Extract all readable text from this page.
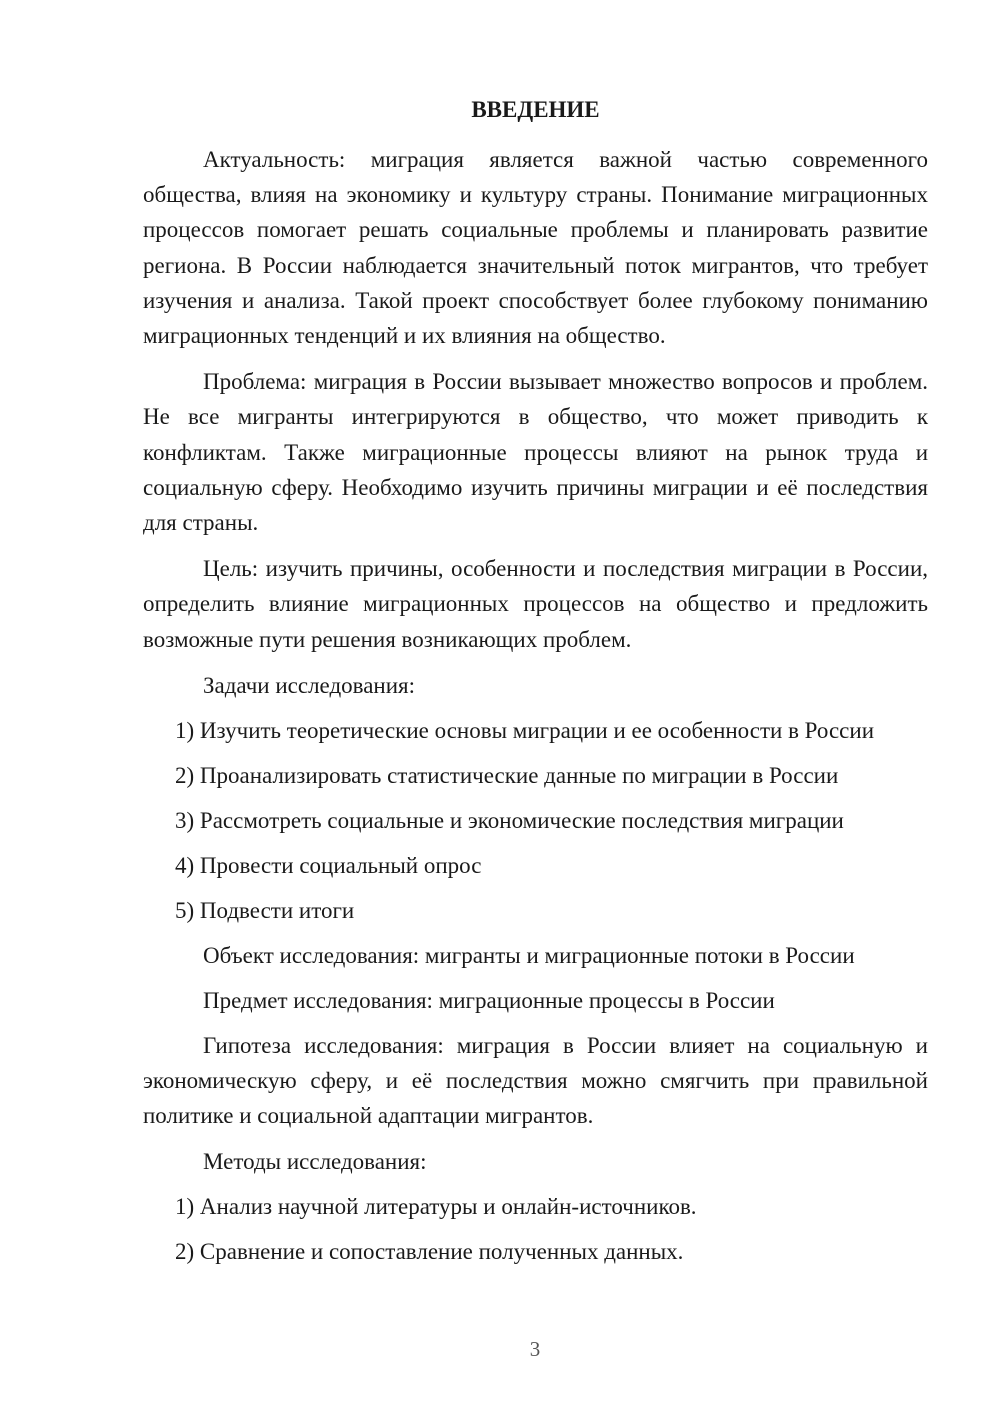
ВВЕДЕНИЕ

Актуальность: миграция является важной частью современного общества, влияя на экономику и культуру страны. Понимание миграционных процессов помогает решать социальные проблемы и планировать развитие региона. В России наблюдается значительный поток мигрантов, что требует изучения и анализа. Такой проект способствует более глубокому пониманию миграционных тенденций и их влияния на общество.

Проблема: миграция в России вызывает множество вопросов и проблем. Не все мигранты интегрируются в общество, что может приводить к конфликтам. Также миграционные процессы влияют на рынок труда и социальную сферу. Необходимо изучить причины миграции и её последствия для страны.

Цель: изучить причины, особенности и последствия миграции в России, определить влияние миграционных процессов на общество и предложить возможные пути решения возникающих проблем.

Задачи исследования:
1) Изучить теоретические основы миграции и ее особенности в России
2) Проанализировать статистические данные по миграции в России
3) Рассмотреть социальные и экономические последствия миграции
4) Провести социальный опрос
5) Подвести итоги
Объект исследования: мигранты и миграционные потоки в России
Предмет исследования: миграционные процессы в России

Гипотеза исследования: миграция в России влияет на социальную и экономическую сферу, и её последствия можно смягчить при правильной политике и социальной адаптации мигрантов.

Методы исследования:
1) Анализ научной литературы и онлайн-источников.
2) Сравнение и сопоставление полученных данных.
3
